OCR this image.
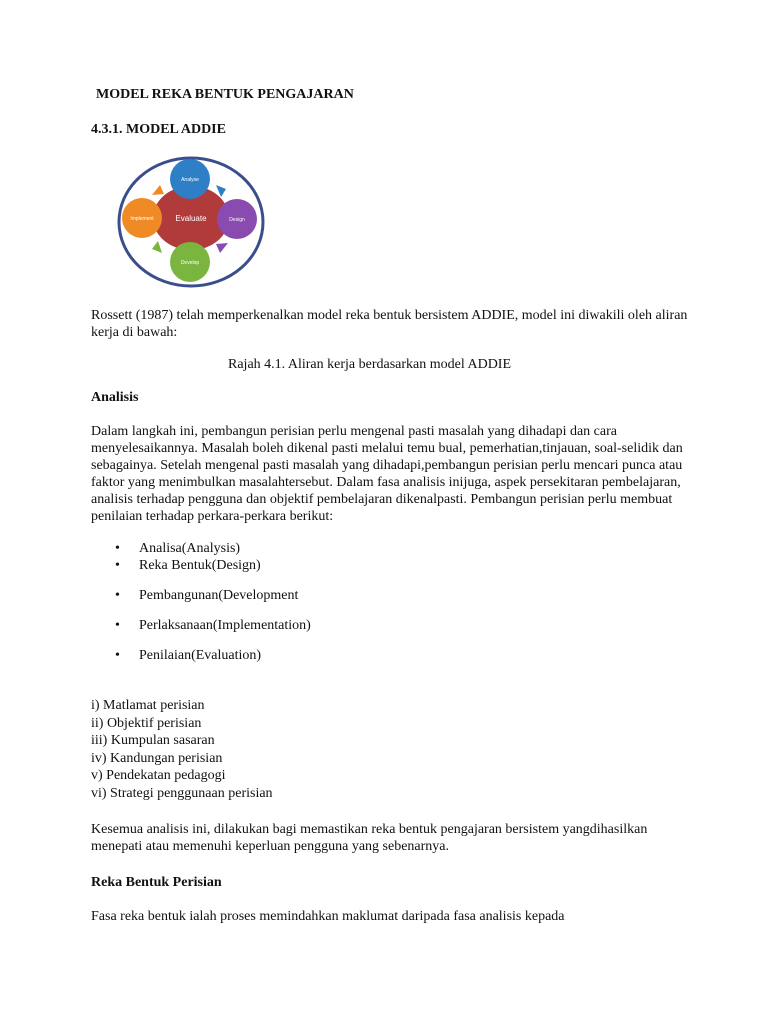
MODEL REKA BENTUK PENGAJARAN
4.3.1. MODEL ADDIE
Evaluate
Analyse
Design
Develop
Implement
Rossett (1987) telah memperkenalkan model reka bentuk bersistem ADDIE, model ini diwakili oleh aliran kerja di bawah:
Rajah 4.1. Aliran kerja berdasarkan model ADDIE
Analisis
Dalam langkah ini, pembangun perisian perlu mengenal pasti masalah yang dihadapi dan cara menyelesaikannya. Masalah boleh dikenal pasti melalui temu bual, pemerhatian,tinjauan, soal-selidik dan sebagainya. Setelah mengenal pasti masalah yang dihadapi,pembangun perisian perlu mencari punca atau faktor yang menimbulkan masalahtersebut. Dalam fasa analisis inijuga, aspek persekitaran pembelajaran, analisis terhadap pengguna dan objektif pembelajaran dikenalpasti. Pembangun perisian perlu membuat penilaian terhadap perkara-perkara berikut:
• Analisa(Analysis)
• Reka Bentuk(Design)
• Pembangunan(Development
• Perlaksanaan(Implementation)
• Penilaian(Evaluation)
i) Matlamat perisian
ii) Objektif perisian
iii) Kumpulan sasaran
iv) Kandungan perisian
v) Pendekatan pedagogi
vi) Strategi penggunaan perisian
Kesemua analisis ini, dilakukan bagi memastikan reka bentuk pengajaran bersistem yangdihasilkan menepati atau memenuhi keperluan pengguna yang sebenarnya.
Reka Bentuk Perisian
Fasa reka bentuk ialah proses memindahkan maklumat daripada fasa analisis kepada
